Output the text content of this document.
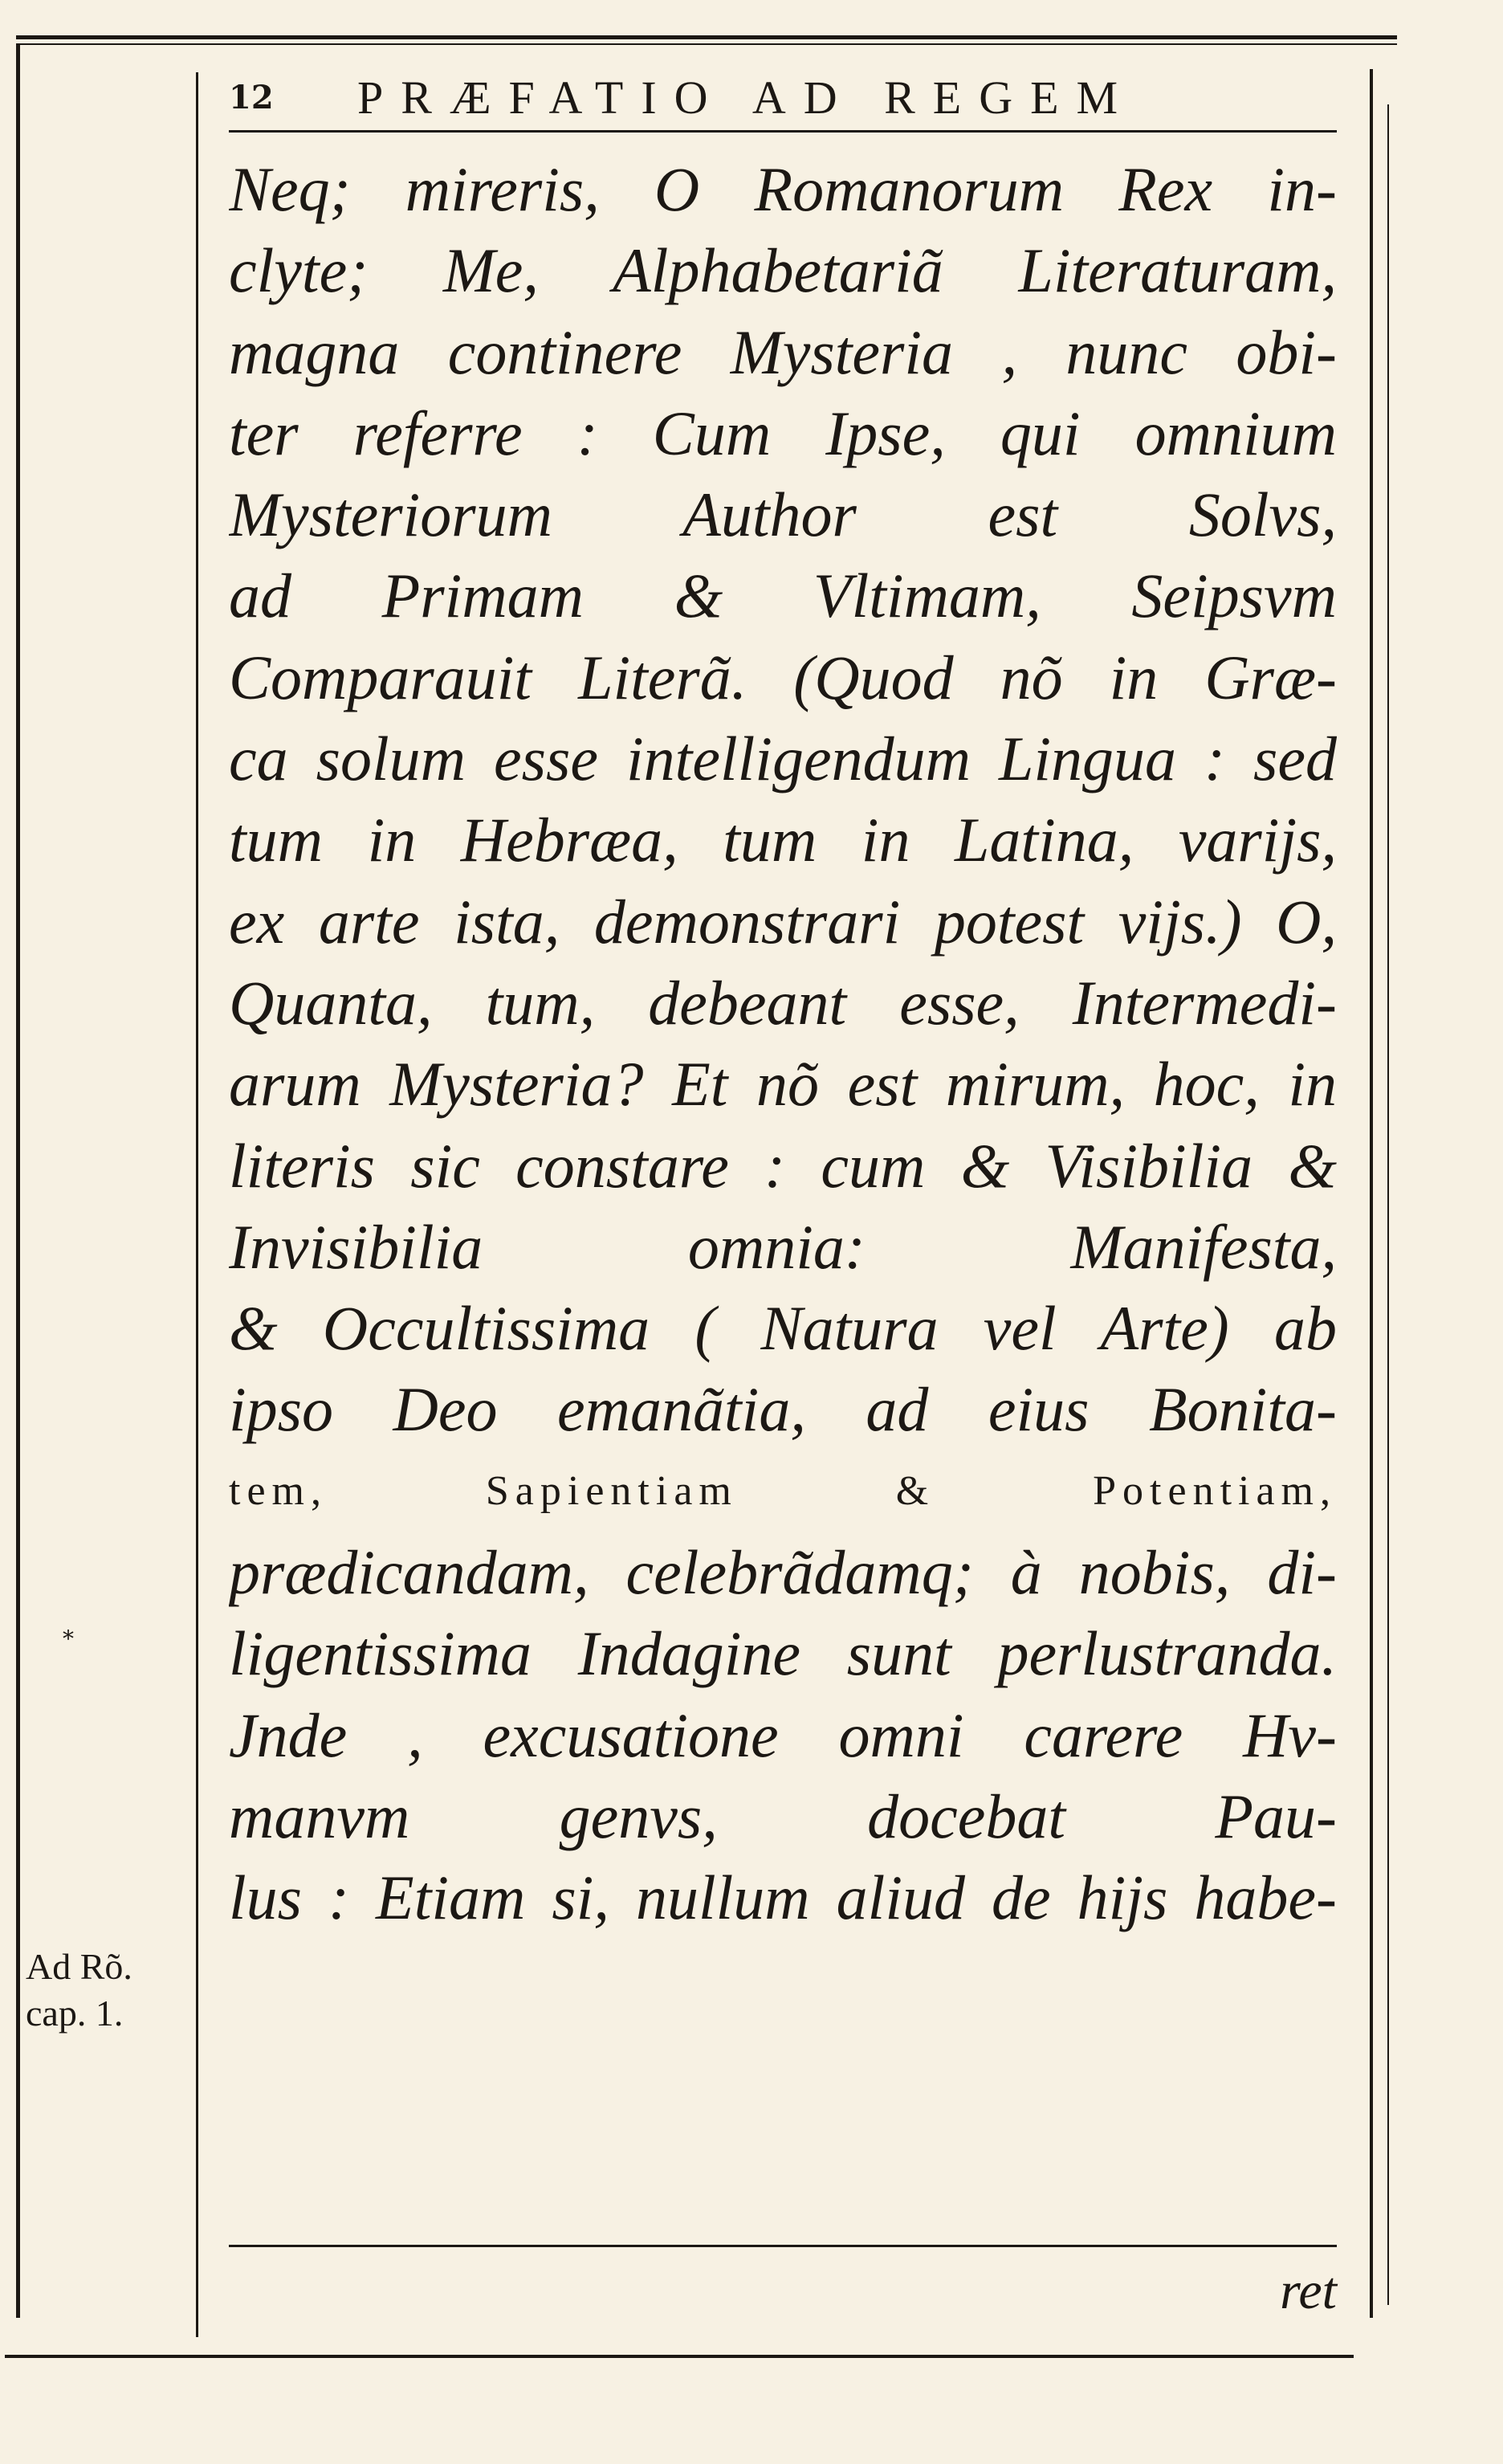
12 PRÆFATIO AD REGEM
Neq; mireris, O Romanorum Rex in-
clyte; Me, Alphabetariã Literaturam,
magna continere Mysteria , nunc obi-
ter referre : Cum Ipse, qui omnium
Mysteriorum Author est Solvs,
ad Primam & Vltimam, Seipsvm
Comparauit Literã. (Quod nõ in Græ-
ca solum esse intelligendum Lingua : sed
tum in Hebræa, tum in Latina, varijs,
ex arte ista, demonstrari potest vijs.) O,
Quanta, tum, debeant esse, Intermedi-
arum Mysteria? Et nõ est mirum, hoc, in
literis sic constare : cum & Visibilia &
Invisibilia omnia: Manifesta,
& Occultissima ( Natura vel Arte) ab
ipso Deo emanãtia, ad eius Bonita-
tem, Sapientiam & Potentiam,
prædicandam, celebrãdamq; à nobis, di-
ligentissima Indagine sunt perlustranda.
Jnde , excusatione omni carere Hv-
manvm genvs, docebat Pau-
lus : Etiam si, nullum aliud de hijs habe-
*
Ad Rõ.
cap. 1.
ret
